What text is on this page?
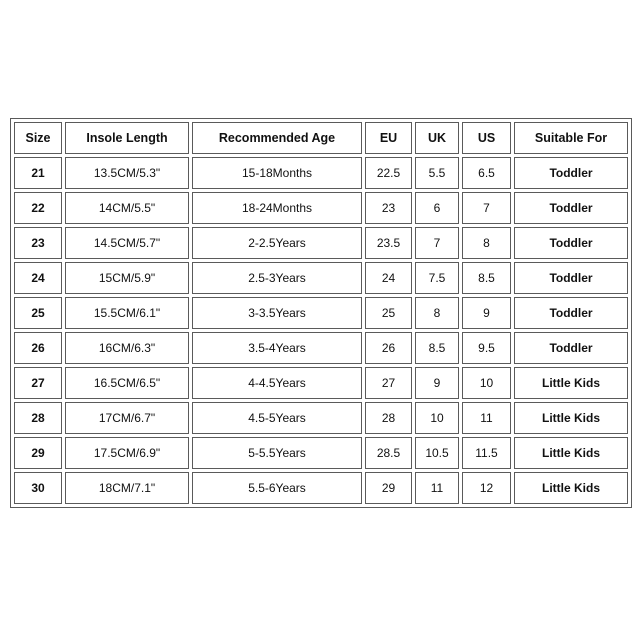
Size	Insole Length	Recommended Age	EU	UK	US	Suitable For
21	13.5CM/5.3"	15-18Months	22.5	5.5	6.5	Toddler
22	14CM/5.5"	18-24Months	23	6	7	Toddler
23	14.5CM/5.7"	2-2.5Years	23.5	7	8	Toddler
24	15CM/5.9"	2.5-3Years	24	7.5	8.5	Toddler
25	15.5CM/6.1"	3-3.5Years	25	8	9	Toddler
26	16CM/6.3"	3.5-4Years	26	8.5	9.5	Toddler
27	16.5CM/6.5"	4-4.5Years	27	9	10	Little Kids
28	17CM/6.7"	4.5-5Years	28	10	11	Little Kids
29	17.5CM/6.9"	5-5.5Years	28.5	10.5	11.5	Little Kids
30	18CM/7.1"	5.5-6Years	29	11	12	Little Kids
